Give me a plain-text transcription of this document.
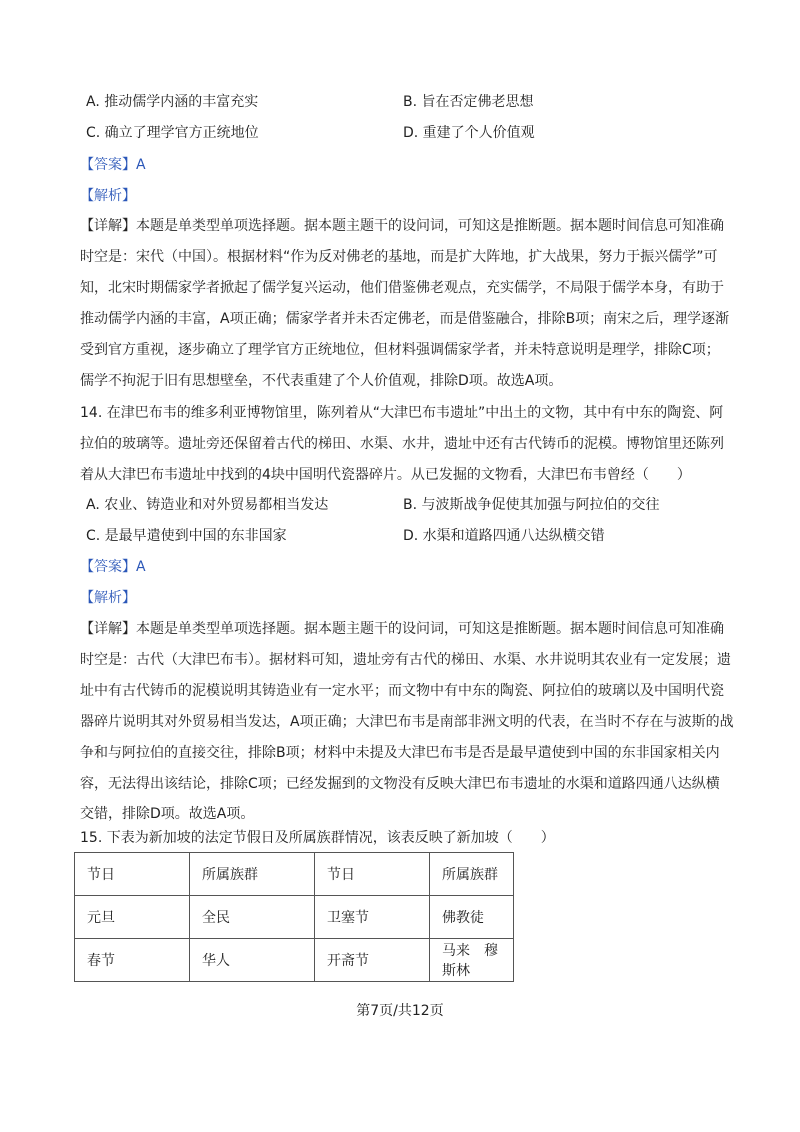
A. 推动儒学内涵的丰富充实	B. 旨在否定佛老思想
C. 确立了理学官方正统地位	D. 重建了个人价值观
【答案】A
【解析】
【详解】本题是单类型单项选择题。据本题主题干的设问词，可知这是推断题。据本题时间信息可知准确
时空是：宋代（中国）。根据材料“作为反对佛老的基地，而是扩大阵地，扩大战果，努力于振兴儒学”可
知，北宋时期儒家学者掀起了儒学复兴运动，他们借鉴佛老观点，充实儒学，不局限于儒学本身，有助于
推动儒学内涵的丰富，A项正确；儒家学者并未否定佛老，而是借鉴融合，排除B项；南宋之后，理学逐渐
受到官方重视，逐步确立了理学官方正统地位，但材料强调儒家学者，并未特意说明是理学，排除C项；
儒学不拘泥于旧有思想壁垒，不代表重建了个人价值观，排除D项。故选A项。
14. 在津巴布韦的维多利亚博物馆里，陈列着从“大津巴布韦遗址”中出土的文物，其中有中东的陶瓷、阿
拉伯的玻璃等。遗址旁还保留着古代的梯田、水渠、水井，遗址中还有古代铸币的泥模。博物馆里还陈列
着从大津巴布韦遗址中找到的4块中国明代瓷器碎片。从已发掘的文物看，大津巴布韦曾经（　　）
A. 农业、铸造业和对外贸易都相当发达	B. 与波斯战争促使其加强与阿拉伯的交往
C. 是最早遣使到中国的东非国家	D. 水渠和道路四通八达纵横交错
【答案】A
【解析】
【详解】本题是单类型单项选择题。据本题主题干的设问词，可知这是推断题。据本题时间信息可知准确
时空是：古代（大津巴布韦）。据材料可知，遗址旁有古代的梯田、水渠、水井说明其农业有一定发展；遗
址中有古代铸币的泥模说明其铸造业有一定水平；而文物中有中东的陶瓷、阿拉伯的玻璃以及中国明代瓷
器碎片说明其对外贸易相当发达，A项正确；大津巴布韦是南部非洲文明的代表，在当时不存在与波斯的战
争和与阿拉伯的直接交往，排除B项；材料中未提及大津巴布韦是否是最早遣使到中国的东非国家相关内
容，无法得出该结论，排除C项；已经发掘到的文物没有反映大津巴布韦遗址的水渠和道路四通八达纵横
交错，排除D项。故选A项。
15. 下表为新加坡的法定节假日及所属族群情况，该表反映了新加坡（　　）
节日	所属族群	节日	所属族群
元旦	全民	卫塞节	佛教徒
春节	华人	开斋节	马来　穆斯林
第7页/共12页
